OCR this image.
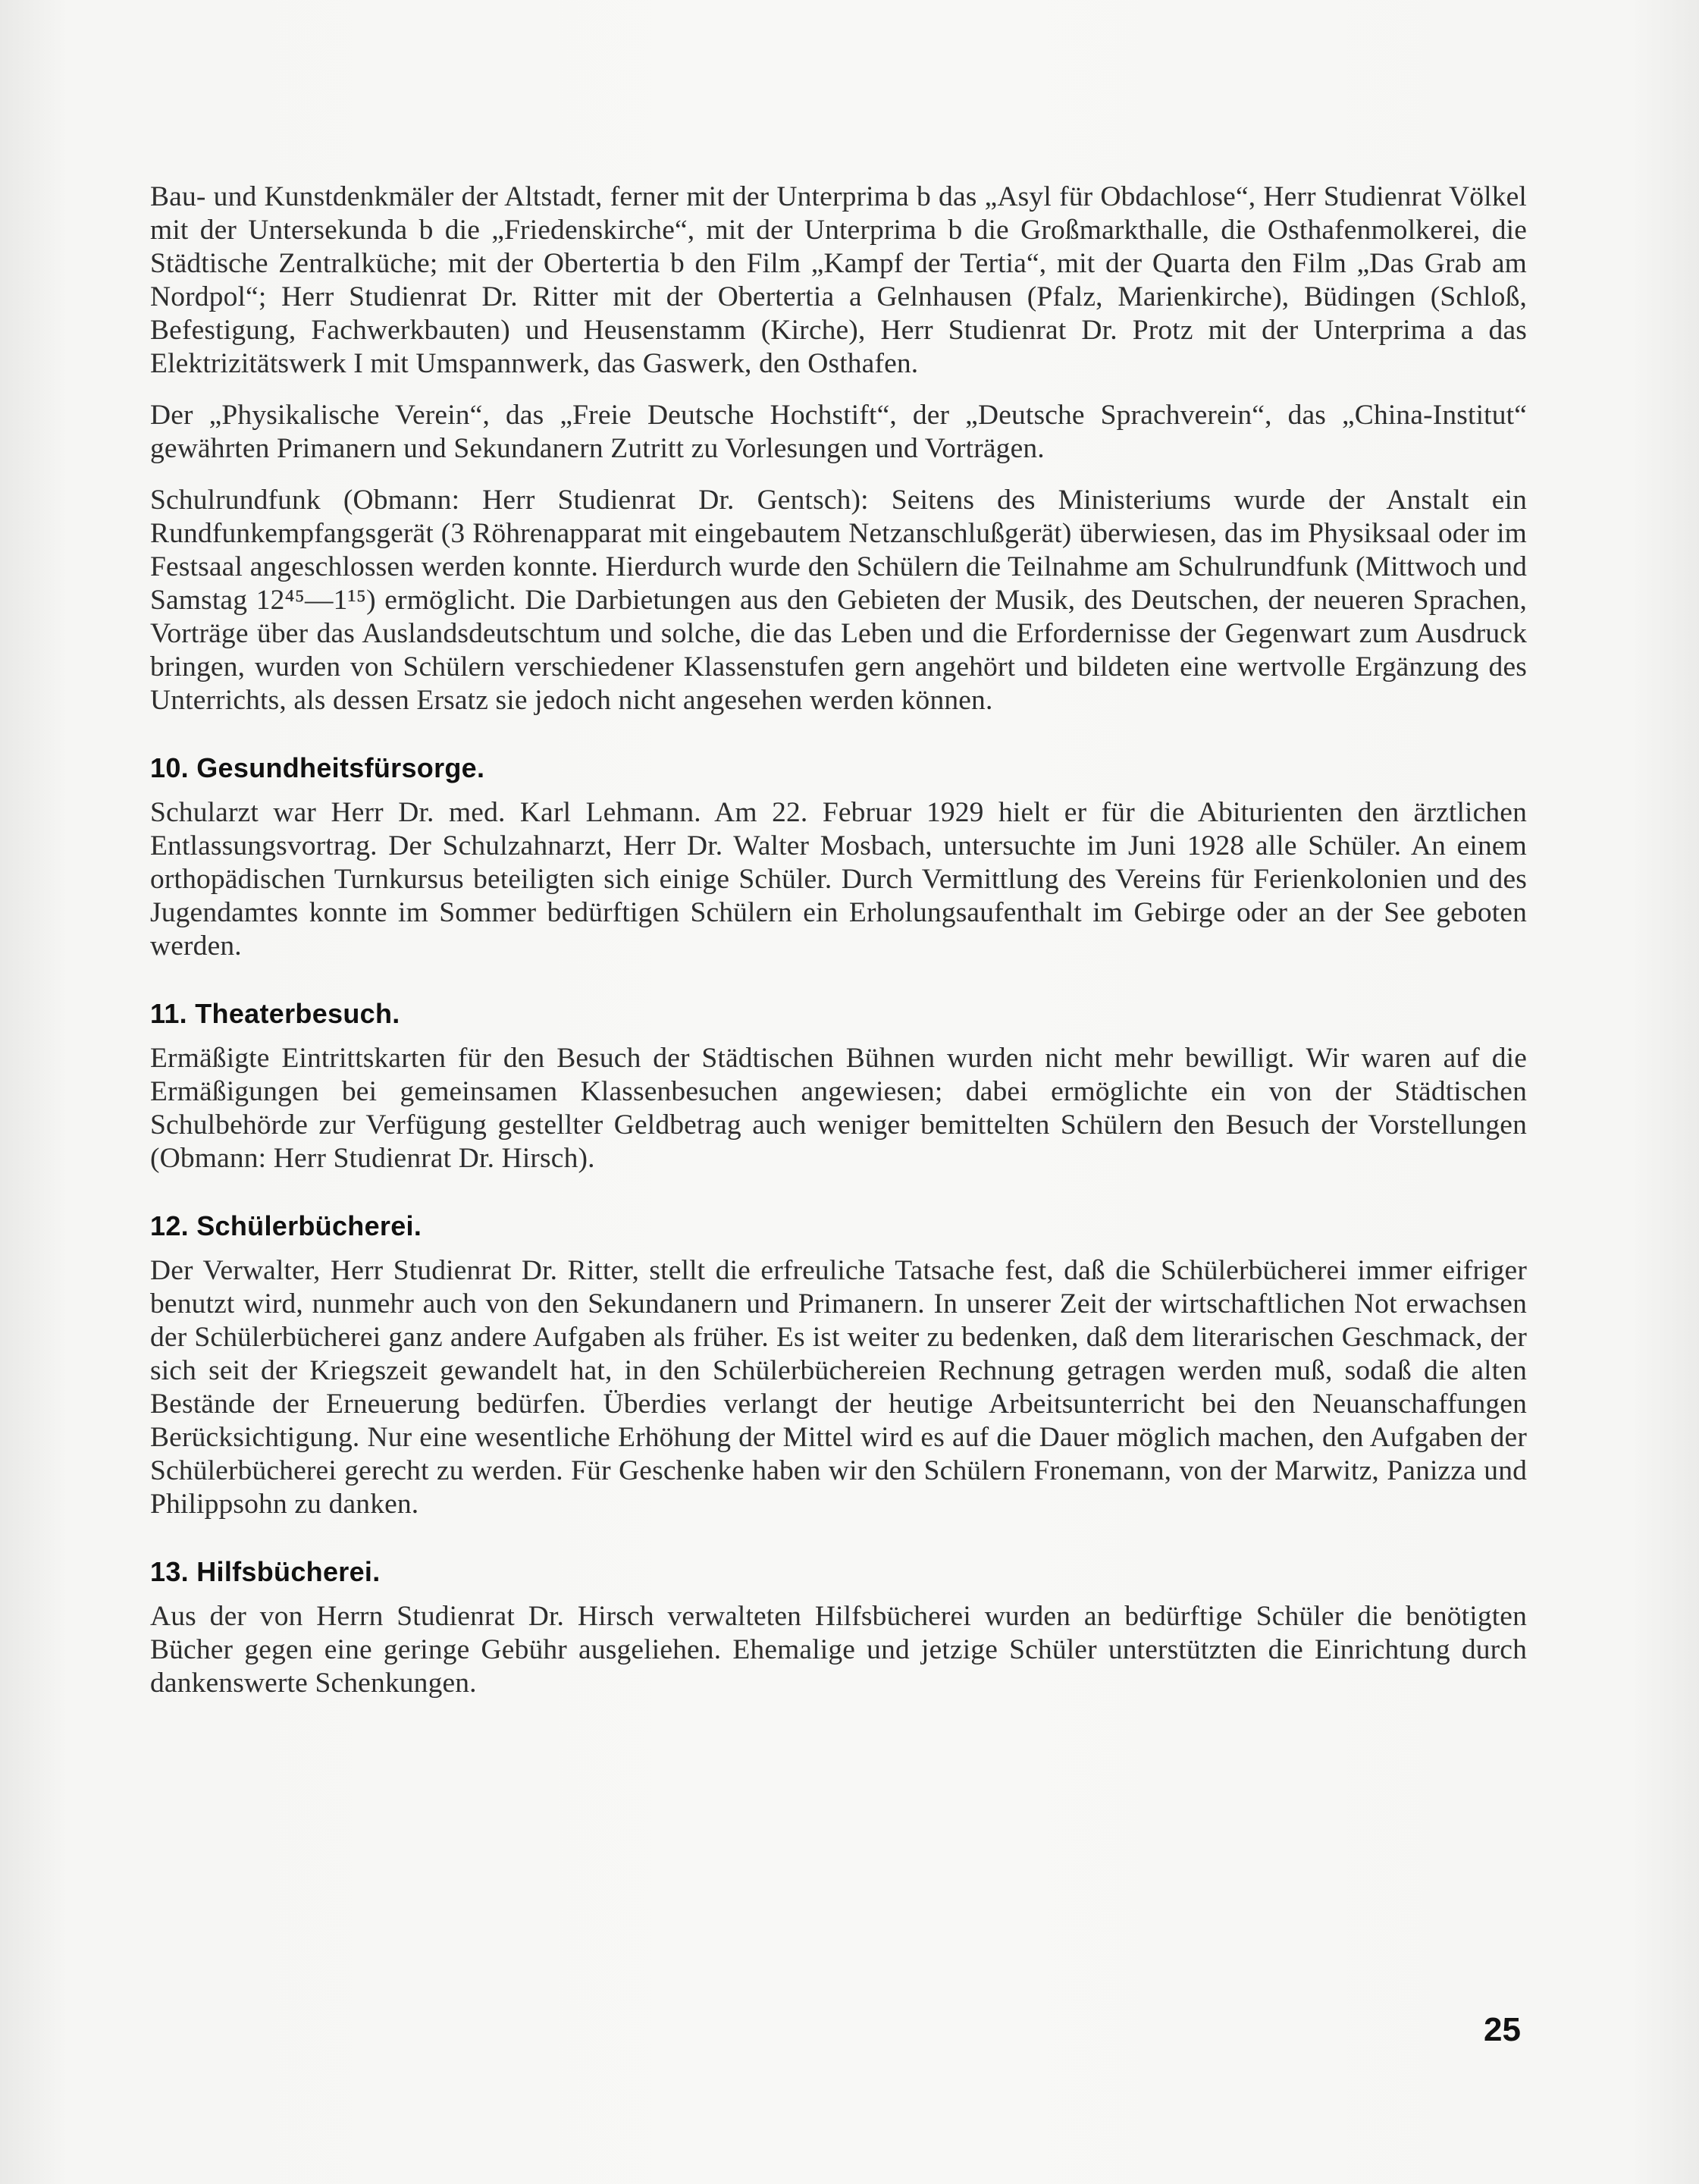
Bau- und Kunstdenkmäler der Altstadt, ferner mit der Unterprima b das „Asyl für Obdachlose“, Herr Studienrat Völkel mit der Untersekunda b die „Friedenskirche“, mit der Unterprima b die Großmarkthalle, die Osthafenmolkerei, die Städtische Zentralküche; mit der Obertertia b den Film „Kampf der Tertia“, mit der Quarta den Film „Das Grab am Nordpol“; Herr Studienrat Dr. Ritter mit der Obertertia a Gelnhausen (Pfalz, Marienkirche), Büdingen (Schloß, Befestigung, Fachwerkbauten) und Heusenstamm (Kirche), Herr Studienrat Dr. Protz mit der Unterprima a das Elektrizitätswerk I mit Umspannwerk, das Gaswerk, den Osthafen.

Der „Physikalische Verein“, das „Freie Deutsche Hochstift“, der „Deutsche Sprachverein“, das „China-Institut“ gewährten Primanern und Sekundanern Zutritt zu Vorlesungen und Vorträgen.

Schulrundfunk (Obmann: Herr Studienrat Dr. Gentsch): Seitens des Ministeriums wurde der Anstalt ein Rundfunkempfangsgerät (3 Röhrenapparat mit eingebautem Netzanschlußgerät) überwiesen, das im Physiksaal oder im Festsaal angeschlossen werden konnte. Hierdurch wurde den Schülern die Teilnahme am Schulrundfunk (Mittwoch und Samstag 12⁴⁵—1¹⁵) ermöglicht. Die Darbietungen aus den Gebieten der Musik, des Deutschen, der neueren Sprachen, Vorträge über das Auslandsdeutschtum und solche, die das Leben und die Erfordernisse der Gegenwart zum Ausdruck bringen, wurden von Schülern verschiedener Klassenstufen gern angehört und bildeten eine wertvolle Ergänzung des Unterrichts, als dessen Ersatz sie jedoch nicht angesehen werden können.

10. Gesundheitsfürsorge.

Schularzt war Herr Dr. med. Karl Lehmann. Am 22. Februar 1929 hielt er für die Abiturienten den ärztlichen Entlassungsvortrag. Der Schulzahnarzt, Herr Dr. Walter Mosbach, untersuchte im Juni 1928 alle Schüler. An einem orthopädischen Turnkursus beteiligten sich einige Schüler. Durch Vermittlung des Vereins für Ferienkolonien und des Jugendamtes konnte im Sommer bedürftigen Schülern ein Erholungsaufenthalt im Gebirge oder an der See geboten werden.

11. Theaterbesuch.

Ermäßigte Eintrittskarten für den Besuch der Städtischen Bühnen wurden nicht mehr bewilligt. Wir waren auf die Ermäßigungen bei gemeinsamen Klassenbesuchen angewiesen; dabei ermöglichte ein von der Städtischen Schulbehörde zur Verfügung gestellter Geldbetrag auch weniger bemittelten Schülern den Besuch der Vorstellungen (Obmann: Herr Studienrat Dr. Hirsch).

12. Schülerbücherei.

Der Verwalter, Herr Studienrat Dr. Ritter, stellt die erfreuliche Tatsache fest, daß die Schülerbücherei immer eifriger benutzt wird, nunmehr auch von den Sekundanern und Primanern. In unserer Zeit der wirtschaftlichen Not erwachsen der Schülerbücherei ganz andere Aufgaben als früher. Es ist weiter zu bedenken, daß dem literarischen Geschmack, der sich seit der Kriegszeit gewandelt hat, in den Schülerbüchereien Rechnung getragen werden muß, sodaß die alten Bestände der Erneuerung bedürfen. Überdies verlangt der heutige Arbeitsunterricht bei den Neuanschaffungen Berücksichtigung. Nur eine wesentliche Erhöhung der Mittel wird es auf die Dauer möglich machen, den Aufgaben der Schülerbücherei gerecht zu werden. Für Geschenke haben wir den Schülern Fronemann, von der Marwitz, Panizza und Philippsohn zu danken.

13. Hilfsbücherei.

Aus der von Herrn Studienrat Dr. Hirsch verwalteten Hilfsbücherei wurden an bedürftige Schüler die benötigten Bücher gegen eine geringe Gebühr ausgeliehen. Ehemalige und jetzige Schüler unterstützten die Einrichtung durch dankenswerte Schenkungen.

25
